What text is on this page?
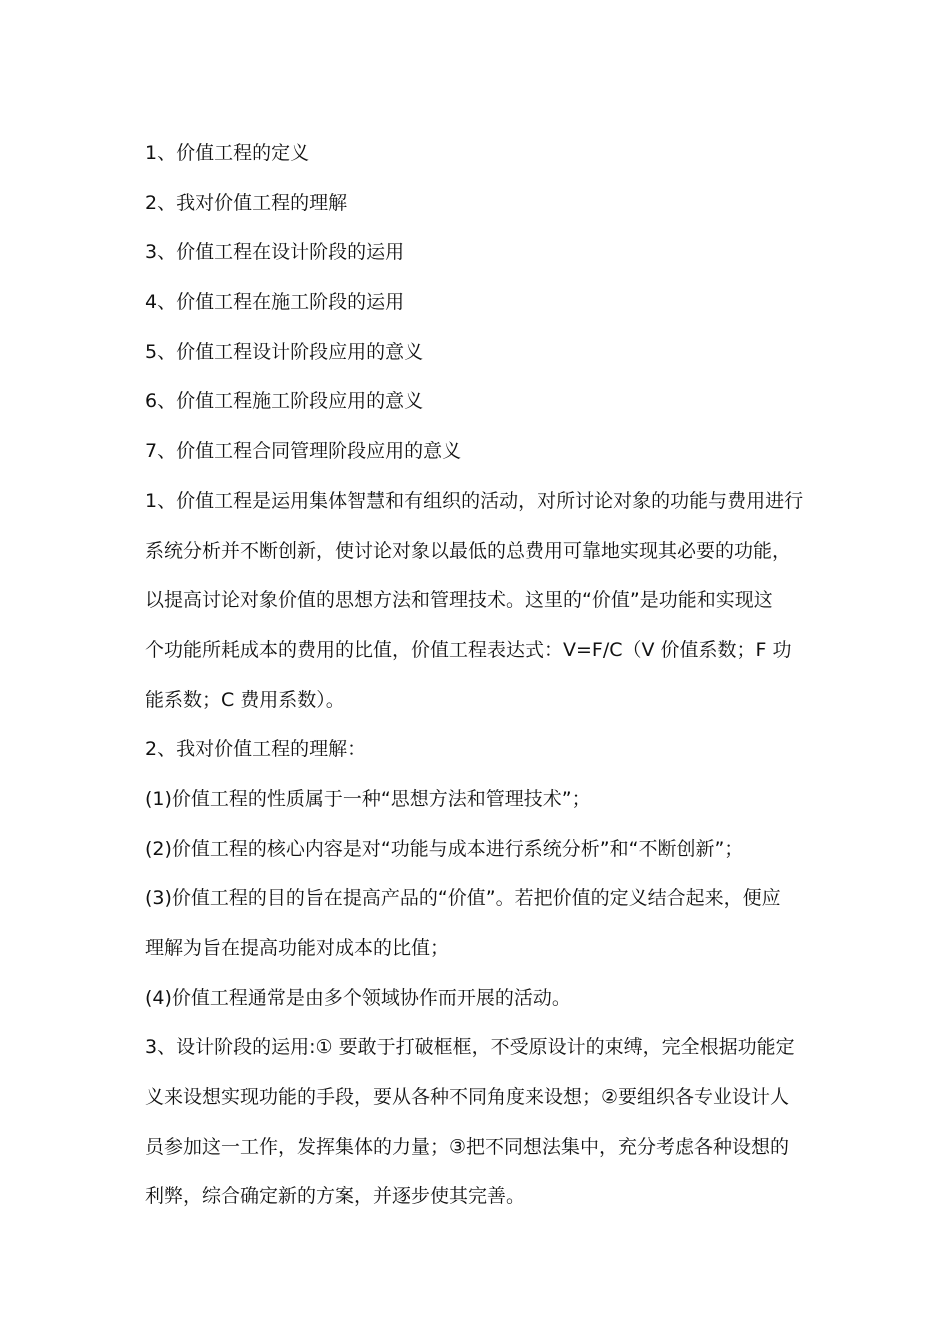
1、价值工程的定义

2、我对价值工程的理解

3、价值工程在设计阶段的运用

4、价值工程在施工阶段的运用

5、价值工程设计阶段应用的意义

6、价值工程施工阶段应用的意义

7、价值工程合同管理阶段应用的意义

1、价值工程是运用集体智慧和有组织的活动，对所讨论对象的功能与费用进行

系统分析并不断创新，使讨论对象以最低的总费用可靠地实现其必要的功能，

以提高讨论对象价值的思想方法和管理技术。这里的“价值”是功能和实现这

个功能所耗成本的费用的比值，价值工程表达式：V=F/C（V 价值系数；F 功

能系数；C 费用系数）。

2、我对价值工程的理解：

(1)价值工程的性质属于一种“思想方法和管理技术”；

(2)价值工程的核心内容是对“功能与成本进行系统分析”和“不断创新”；

(3)价值工程的目的旨在提高产品的“价值”。若把价值的定义结合起来，便应

理解为旨在提高功能对成本的比值；

(4)价值工程通常是由多个领域协作而开展的活动。

3、设计阶段的运用:① 要敢于打破框框，不受原设计的束缚，完全根据功能定

义来设想实现功能的手段，要从各种不同角度来设想；②要组织各专业设计人

员参加这一工作，发挥集体的力量；③把不同想法集中，充分考虑各种设想的

利弊，综合确定新的方案，并逐步使其完善。
